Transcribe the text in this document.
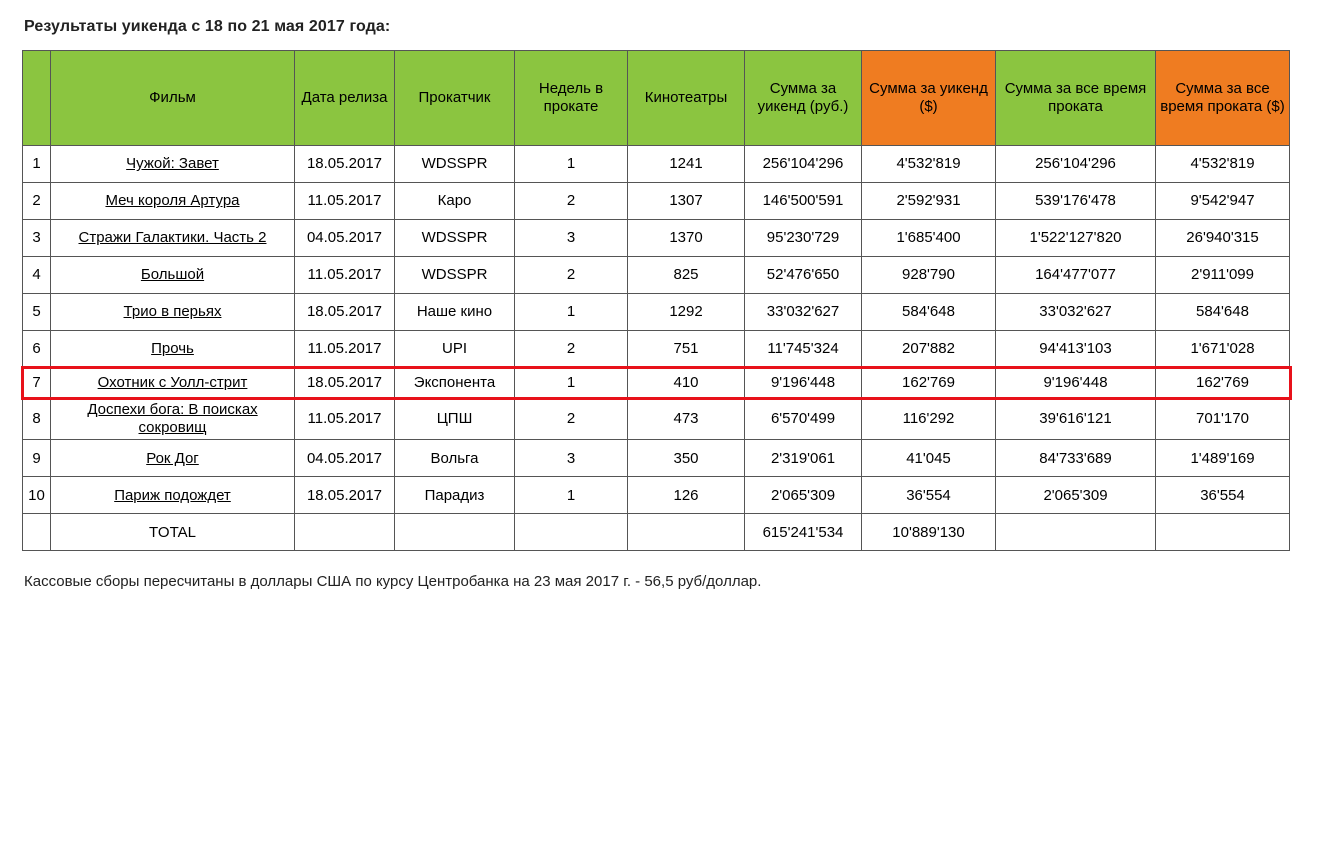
Результаты уикенда с 18 по 21 мая 2017 года:
	Фильм	Дата релиза	Прокатчик	Недель в прокате	Кинотеатры	Сумма за уикенд (руб.)	Сумма за уикенд ($)	Сумма за все время проката	Сумма за все время проката ($)
1	Чужой: Завет	18.05.2017	WDSSPR	1	1241	256'104'296	4'532'819	256'104'296	4'532'819
2	Меч короля Артура	11.05.2017	Каро	2	1307	146'500'591	2'592'931	539'176'478	9'542'947
3	Стражи Галактики. Часть 2	04.05.2017	WDSSPR	3	1370	95'230'729	1'685'400	1'522'127'820	26'940'315
4	Большой	11.05.2017	WDSSPR	2	825	52'476'650	928'790	164'477'077	2'911'099
5	Трио в перьях	18.05.2017	Наше кино	1	1292	33'032'627	584'648	33'032'627	584'648
6	Прочь	11.05.2017	UPI	2	751	11'745'324	207'882	94'413'103	1'671'028
7	Охотник с Уолл-стрит	18.05.2017	Экспонента	1	410	9'196'448	162'769	9'196'448	162'769
8	Доспехи бога: В поисках сокровищ	11.05.2017	ЦПШ	2	473	6'570'499	116'292	39'616'121	701'170
9	Рок Дог	04.05.2017	Вольга	3	350	2'319'061	41'045	84'733'689	1'489'169
10	Париж подождет	18.05.2017	Парадиз	1	126	2'065'309	36'554	2'065'309	36'554
	TOTAL					615'241'534	10'889'130		
Кассовые сборы пересчитаны в доллары США по курсу Центробанка на 23 мая 2017 г. - 56,5 руб/доллар.
